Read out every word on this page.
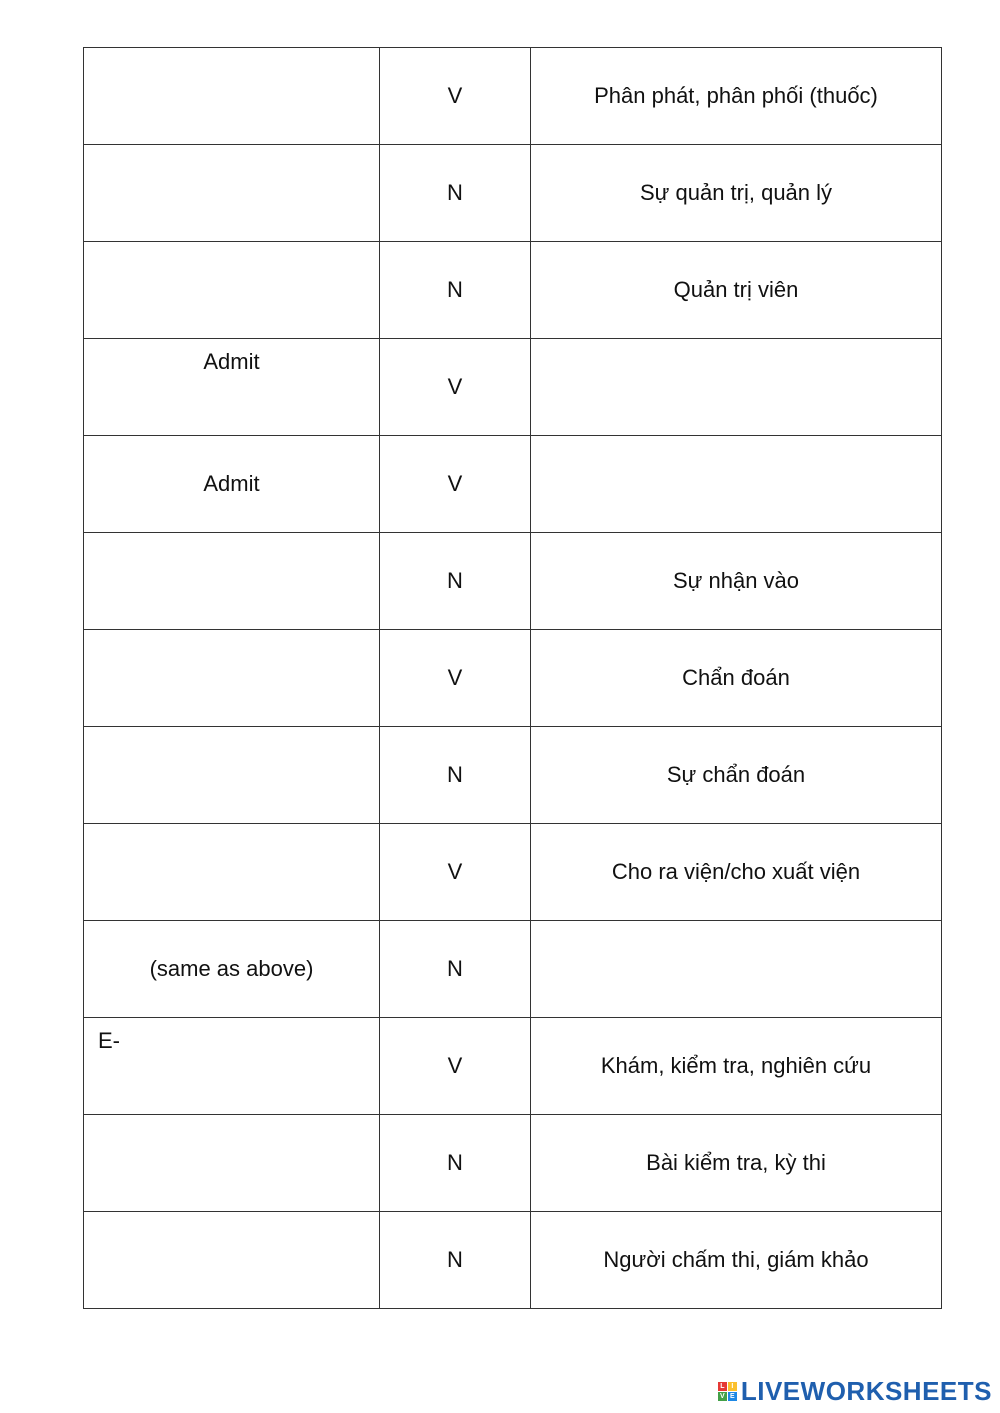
	V	Phân phát, phân phối (thuốc)
	N	Sự quản trị, quản lý
	N	Quản trị viên

Admit	V	
Admit	V	
	N	Sự nhận vào
	V	Chẩn đoán
	N	Sự chẩn đoán
	V	Cho ra viện/cho xuất viện
(same as above)	N	

E-	V	Khám, kiểm tra, nghiên cứu
	N	Bài kiểm tra, kỳ thi
	N	Người chấm thi, giám khảo
L I
V E LIVEWORKSHEETS
